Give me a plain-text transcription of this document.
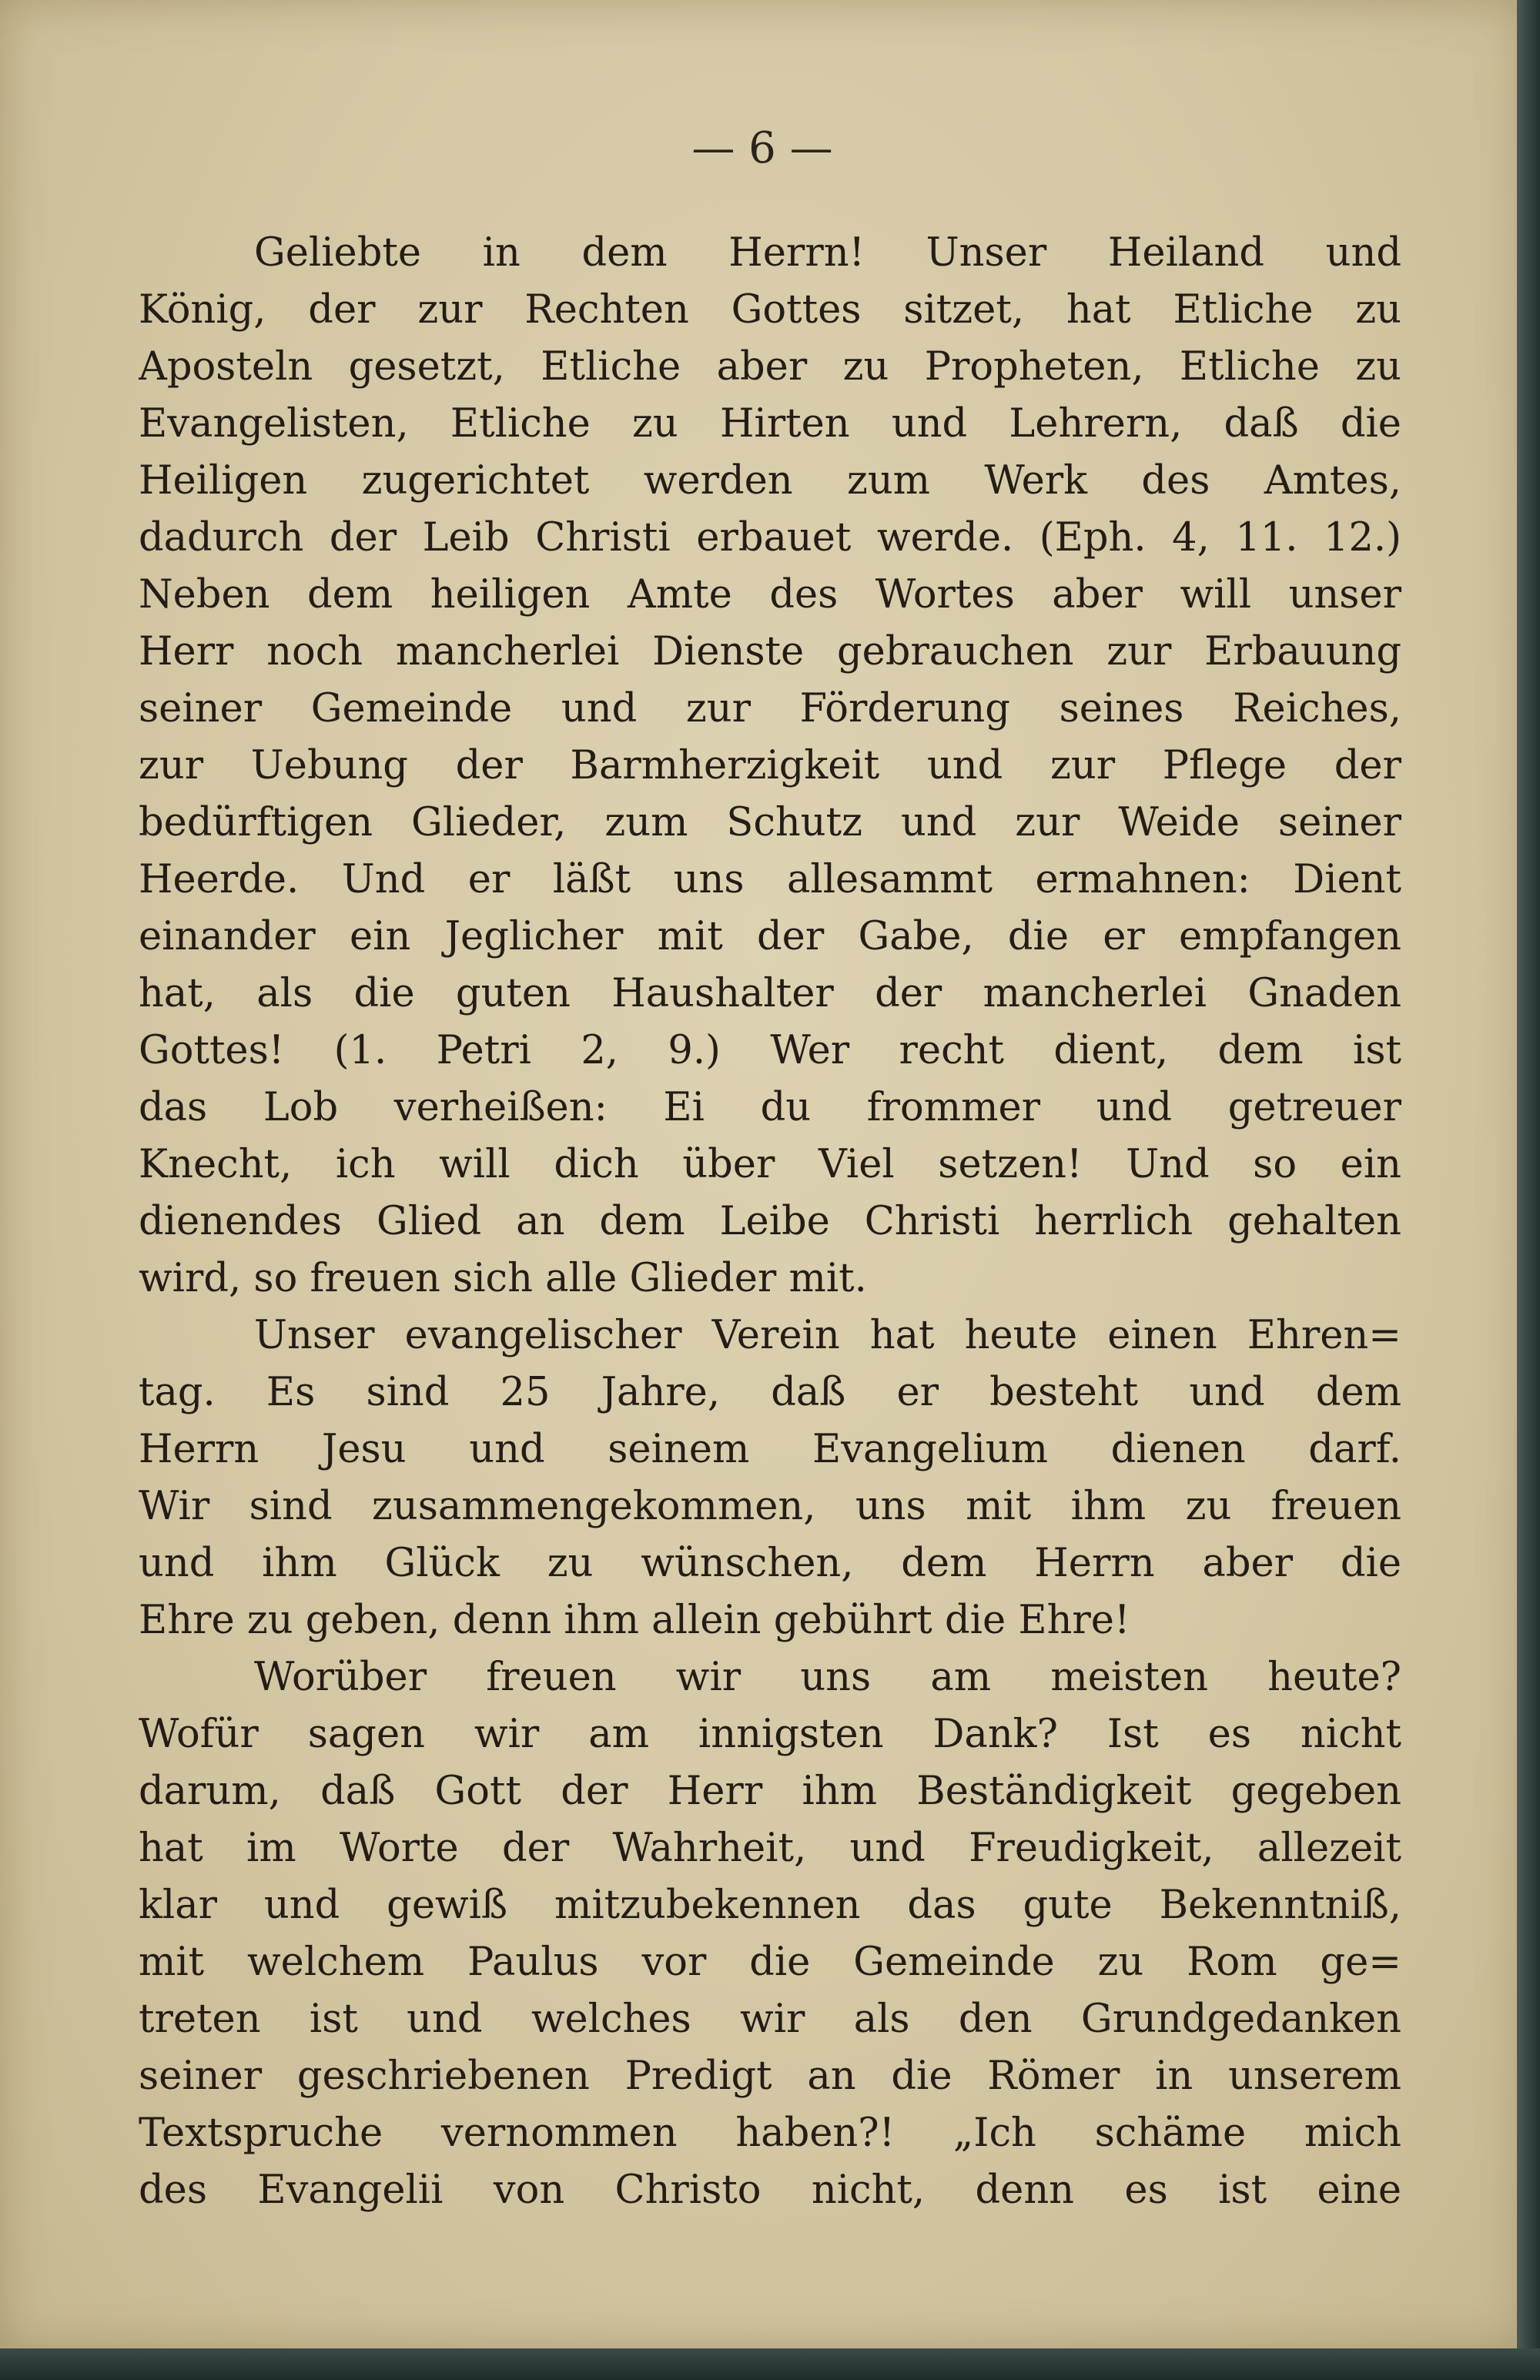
— 6 —
Geliebte in dem Herrn! Unser Heiland und
König, der zur Rechten Gottes sitzet, hat Etliche zu
Aposteln gesetzt, Etliche aber zu Propheten, Etliche zu
Evangelisten, Etliche zu Hirten und Lehrern, daß die
Heiligen zugerichtet werden zum Werk des Amtes,
dadurch der Leib Christi erbauet werde. (Eph. 4, 11. 12.)
Neben dem heiligen Amte des Wortes aber will unser
Herr noch mancherlei Dienste gebrauchen zur Erbauung
seiner Gemeinde und zur Förderung seines Reiches,
zur Uebung der Barmherzigkeit und zur Pflege der
bedürftigen Glieder, zum Schutz und zur Weide seiner
Heerde. Und er läßt uns allesammt ermahnen: Dient
einander ein Jeglicher mit der Gabe, die er empfangen
hat, als die guten Haushalter der mancherlei Gnaden
Gottes! (1. Petri 2, 9.) Wer recht dient, dem ist
das Lob verheißen: Ei du frommer und getreuer
Knecht, ich will dich über Viel setzen! Und so ein
dienendes Glied an dem Leibe Christi herrlich gehalten
wird, so freuen sich alle Glieder mit.
Unser evangelischer Verein hat heute einen Ehren=
tag. Es sind 25 Jahre, daß er besteht und dem
Herrn Jesu und seinem Evangelium dienen darf.
Wir sind zusammengekommen, uns mit ihm zu freuen
und ihm Glück zu wünschen, dem Herrn aber die
Ehre zu geben, denn ihm allein gebührt die Ehre!
Worüber freuen wir uns am meisten heute?
Wofür sagen wir am innigsten Dank? Ist es nicht
darum, daß Gott der Herr ihm Beständigkeit gegeben
hat im Worte der Wahrheit, und Freudigkeit, allezeit
klar und gewiß mitzubekennen das gute Bekenntniß,
mit welchem Paulus vor die Gemeinde zu Rom ge=
treten ist und welches wir als den Grundgedanken
seiner geschriebenen Predigt an die Römer in unserem
Textspruche vernommen haben?! „Ich schäme mich
des Evangelii von Christo nicht, denn es ist eine
